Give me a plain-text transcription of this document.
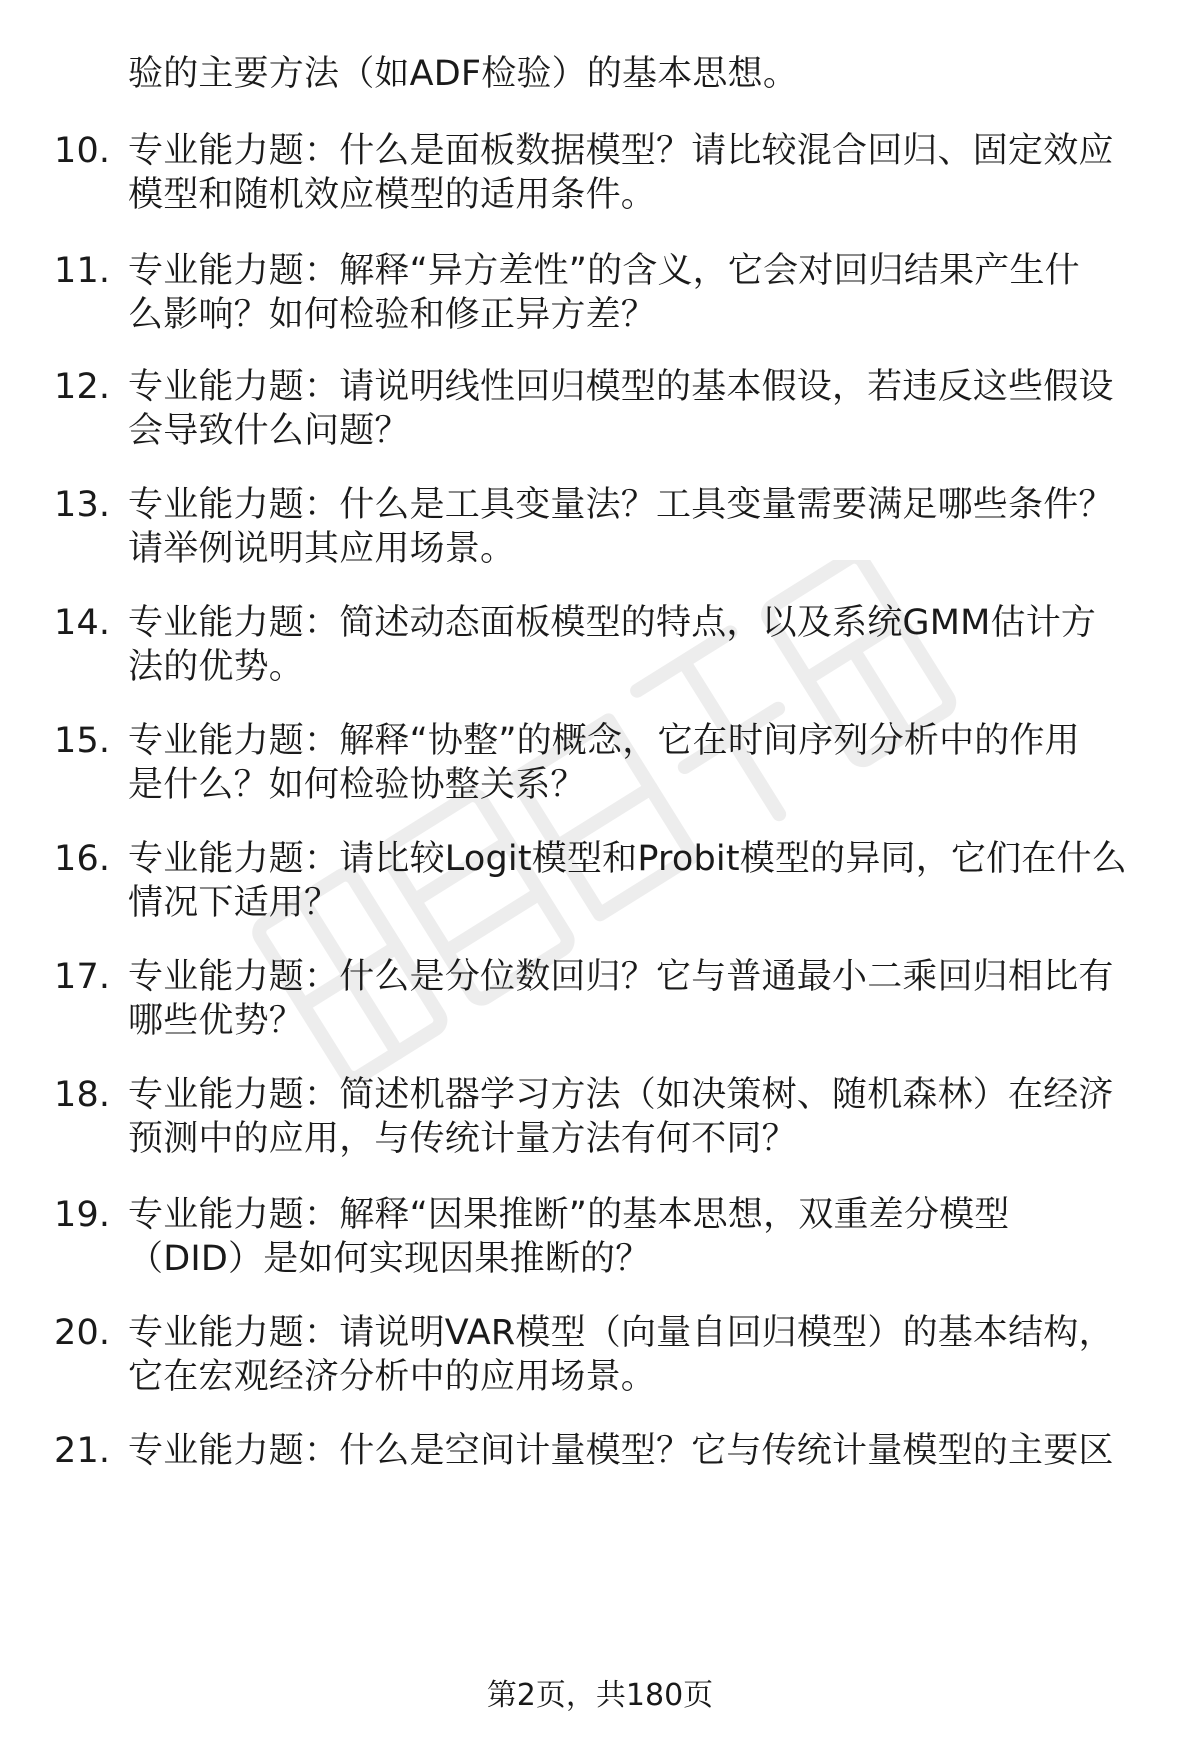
验的主要方法（如ADF检验）的基本思想。
10. 专业能力题：什么是面板数据模型？请比较混合回归、固定效应
模型和随机效应模型的适用条件。
11. 专业能力题：解释“异方差性”的含义，它会对回归结果产生什
么影响？如何检验和修正异方差？
12. 专业能力题：请说明线性回归模型的基本假设，若违反这些假设
会导致什么问题？
13. 专业能力题：什么是工具变量法？工具变量需要满足哪些条件？
请举例说明其应用场景。
14. 专业能力题：简述动态面板模型的特点，以及系统GMM估计方
法的优势。
15. 专业能力题：解释“协整”的概念，它在时间序列分析中的作用
是什么？如何检验协整关系？
16. 专业能力题：请比较Logit模型和Probit模型的异同，它们在什么
情况下适用？
17. 专业能力题：什么是分位数回归？它与普通最小二乘回归相比有
哪些优势？
18. 专业能力题：简述机器学习方法（如决策树、随机森林）在经济
预测中的应用，与传统计量方法有何不同？
19. 专业能力题：解释“因果推断”的基本思想，双重差分模型
（DID）是如何实现因果推断的？
20. 专业能力题：请说明VAR模型（向量自回归模型）的基本结构，
它在宏观经济分析中的应用场景。
21. 专业能力题：什么是空间计量模型？它与传统计量模型的主要区
第2页，共180页
